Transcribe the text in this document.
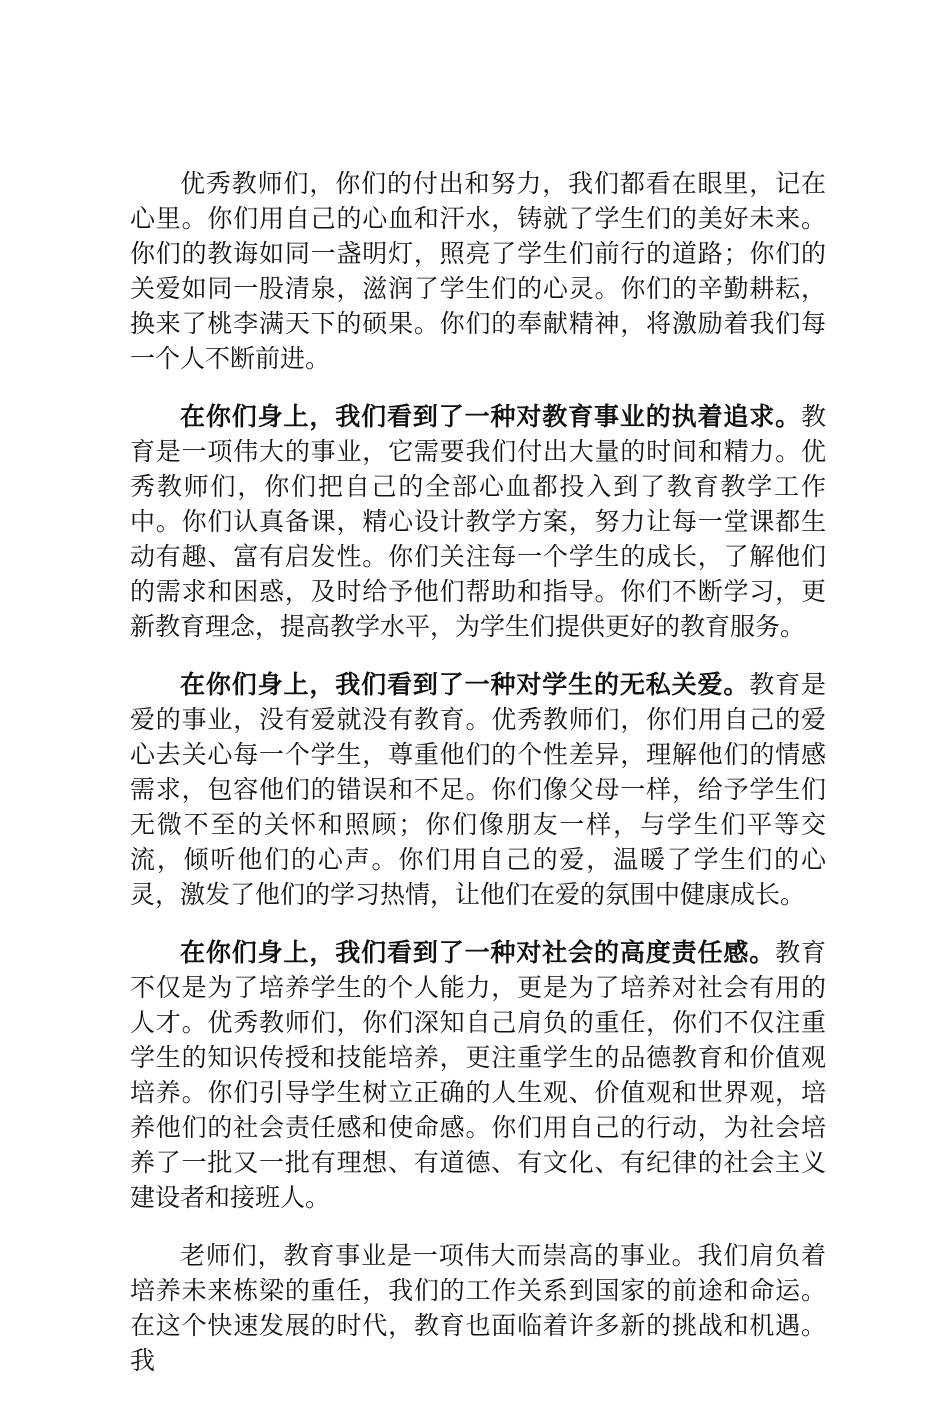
优秀教师们，你们的付出和努力，我们都看在眼里，记在心里。你们用自己的心血和汗水，铸就了学生们的美好未来。你们的教诲如同一盏明灯，照亮了学生们前行的道路；你们的关爱如同一股清泉，滋润了学生们的心灵。你们的辛勤耕耘，换来了桃李满天下的硕果。你们的奉献精神，将激励着我们每一个人不断前进。

在你们身上，我们看到了一种对教育事业的执着追求。教育是一项伟大的事业，它需要我们付出大量的时间和精力。优秀教师们，你们把自己的全部心血都投入到了教育教学工作中。你们认真备课，精心设计教学方案，努力让每一堂课都生动有趣、富有启发性。你们关注每一个学生的成长，了解他们的需求和困惑，及时给予他们帮助和指导。你们不断学习，更新教育理念，提高教学水平，为学生们提供更好的教育服务。

在你们身上，我们看到了一种对学生的无私关爱。教育是爱的事业，没有爱就没有教育。优秀教师们，你们用自己的爱心去关心每一个学生，尊重他们的个性差异，理解他们的情感需求，包容他们的错误和不足。你们像父母一样，给予学生们无微不至的关怀和照顾；你们像朋友一样，与学生们平等交流，倾听他们的心声。你们用自己的爱，温暖了学生们的心灵，激发了他们的学习热情，让他们在爱的氛围中健康成长。

在你们身上，我们看到了一种对社会的高度责任感。教育不仅是为了培养学生的个人能力，更是为了培养对社会有用的人才。优秀教师们，你们深知自己肩负的重任，你们不仅注重学生的知识传授和技能培养，更注重学生的品德教育和价值观培养。你们引导学生树立正确的人生观、价值观和世界观，培养他们的社会责任感和使命感。你们用自己的行动，为社会培养了一批又一批有理想、有道德、有文化、有纪律的社会主义建设者和接班人。

老师们，教育事业是一项伟大而崇高的事业。我们肩负着培养未来栋梁的重任，我们的工作关系到国家的前途和命运。在这个快速发展的时代，教育也面临着许多新的挑战和机遇。我
